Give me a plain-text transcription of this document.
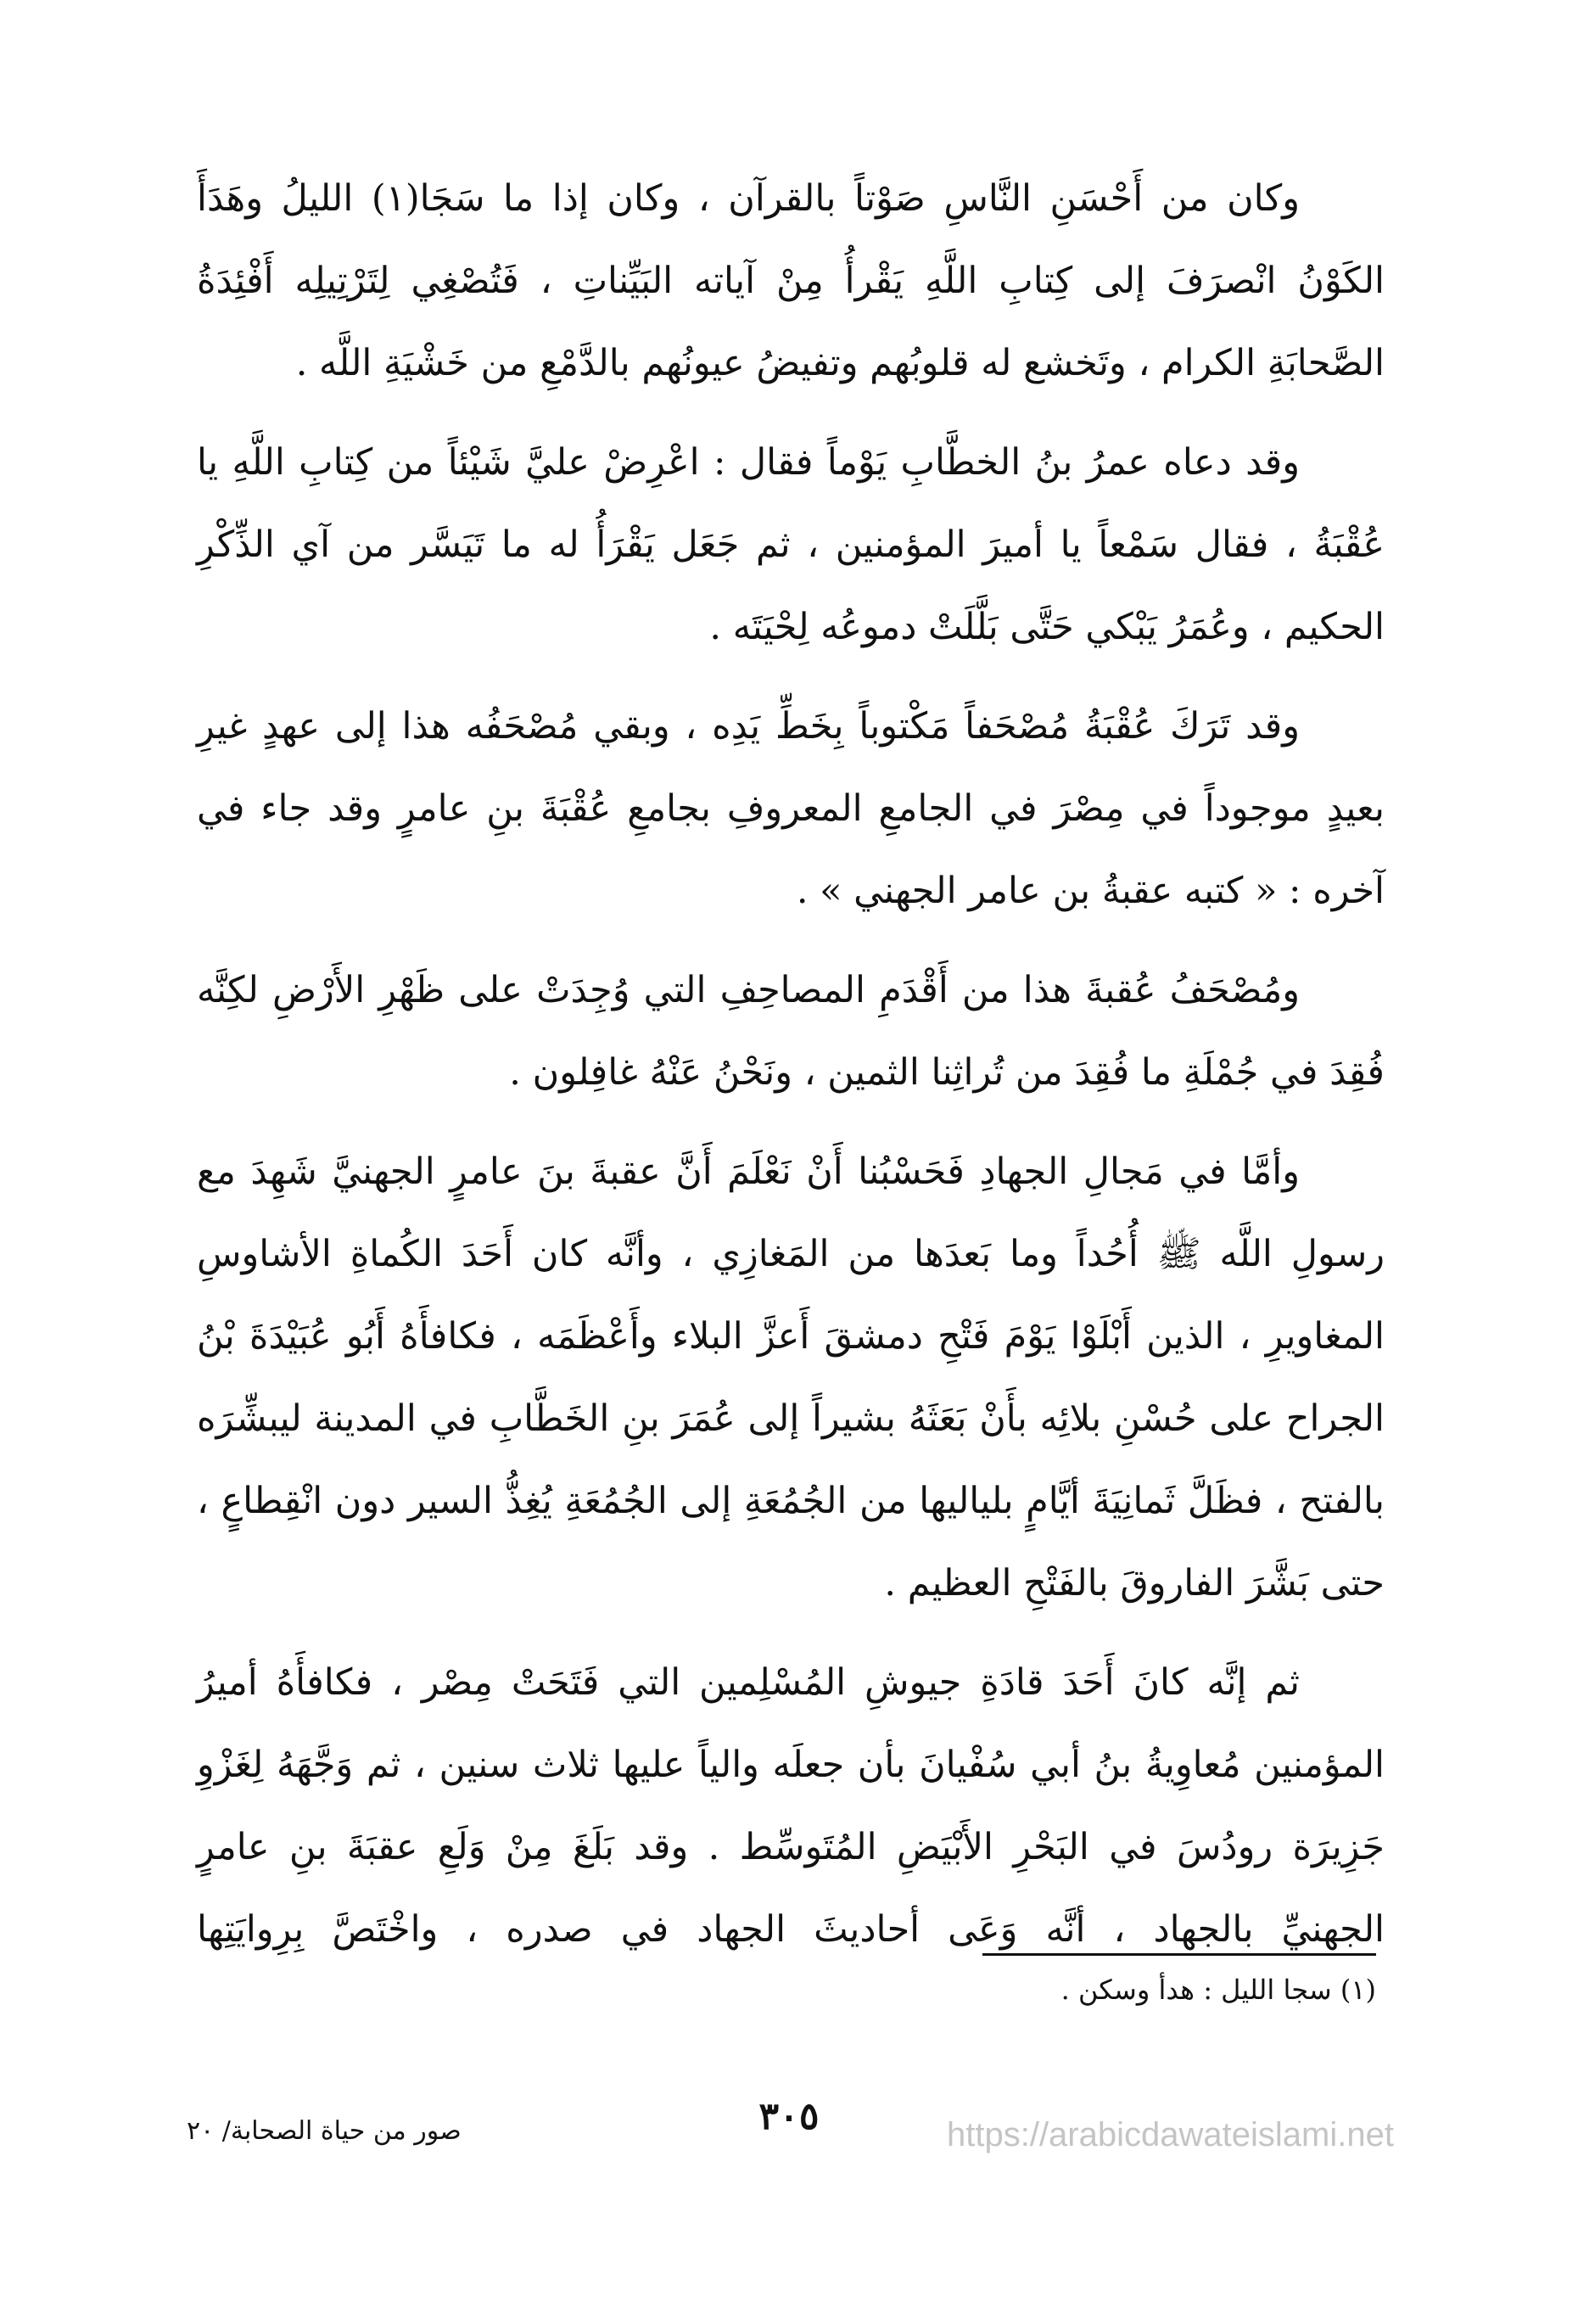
وكان من أَحْسَنِ النَّاسِ صَوْتاً بالقرآن ، وكان إذا ما سَجَا(١) الليلُ وهَدَأَ الكَوْنُ انْصرَفَ إلى كِتابِ اللَّهِ يَقْرأُ مِنْ آياته البَيِّناتِ ، فَتُصْغِي لِتَرْتِيلِه أَفْئِدَةُ الصَّحابَةِ الكرام ، وتَخشع له قلوبُهم وتفيضُ عيونُهم بالدَّمْعِ من خَشْيَةِ اللَّه .

وقد دعاه عمرُ بنُ الخطَّابِ يَوْماً فقال : اعْرِضْ عليَّ شَيْئاً من كِتابِ اللَّهِ يا عُقْبَةُ ، فقال سَمْعاً يا أميرَ المؤمنين ، ثم جَعَل يَقْرَأُ له ما تَيَسَّر من آي الذِّكْرِ الحكيم ، وعُمَرُ يَبْكي حَتَّى بَلَّلَتْ دموعُه لِحْيَتَه .

وقد تَرَكَ عُقْبَةُ مُصْحَفاً مَكْتوباً بِخَطِّ يَدِه ، وبقي مُصْحَفُه هذا إلى عهدٍ غيرِ بعيدٍ موجوداً في مِصْرَ في الجامعِ المعروفِ بجامعِ عُقْبَةَ بنِ عامرٍ وقد جاء في آخره : « كتبه عقبةُ بن عامر الجهني » .

ومُصْحَفُ عُقبةَ هذا من أَقْدَمِ المصاحِفِ التي وُجِدَتْ على ظَهْرِ الأَرْضِ لكِنَّه فُقِدَ في جُمْلَةِ ما فُقِدَ من تُراثِنا الثمين ، ونَحْنُ عَنْهُ غافِلون .

وأمَّا في مَجالِ الجهادِ فَحَسْبُنا أَنْ نَعْلَمَ أَنَّ عقبةَ بنَ عامرٍ الجهنيَّ شَهِدَ مع رسولِ اللَّه ﷺ أُحُداً وما بَعدَها من المَغازِي ، وأنَّه كان أَحَدَ الكُماةِ الأشاوسِ المغاويرِ ، الذين أَبْلَوْا يَوْمَ فَتْحِ دمشقَ أَعزَّ البلاء وأَعْظَمَه ، فكافأَهُ أَبُو عُبَيْدَةَ بْنُ الجراح على حُسْنِ بلائِه بأَنْ بَعَثَهُ بشيراً إلى عُمَرَ بنِ الخَطَّابِ في المدينة ليبشِّرَه بالفتح ، فظَلَّ ثَمانِيَةَ أيَّامٍ بلياليها من الجُمُعَةِ إلى الجُمُعَةِ يُغِذُّ السير دون انْقِطاعٍ ، حتى بَشَّرَ الفاروقَ بالفَتْحِ العظيم .

ثم إنَّه كانَ أَحَدَ قادَةِ جيوشِ المُسْلِمين التي فَتَحَتْ مِصْر ، فكافأَهُ أميرُ المؤمنين مُعاوِيةُ بنُ أبي سُفْيانَ بأن جعلَه والياً عليها ثلاث سنين ، ثم وَجَّهَهُ لِغَزْوِ جَزِيرَة رودُسَ في البَحْرِ الأَبْيَضِ المُتَوسِّط . وقد بَلَغَ مِنْ وَلَعِ عقبَةَ بنِ عامرٍ الجهنيِّ بالجهاد ، أنَّه وَعَى أحاديثَ الجهاد في صدره ، واخْتَصَّ بِرِوايَتِها

(١) سجا الليل : هدأ وسكن .
٣٠٥
صور من حياة الصحابة/ ٢٠	https://arabicdawateislami.net
